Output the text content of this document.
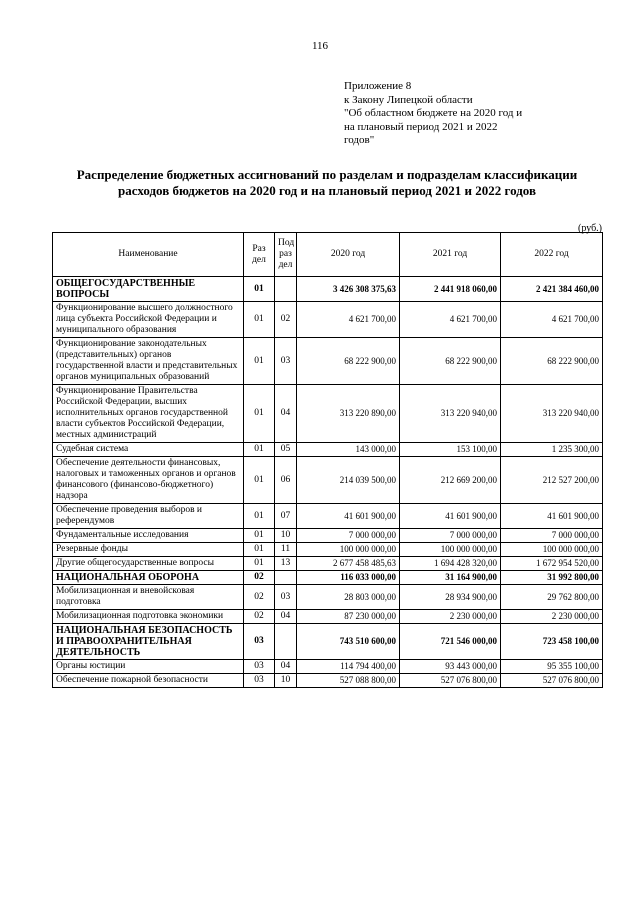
116
Приложение 8
к Закону Липецкой области
"Об областном бюджете на 2020 год и
на плановый период 2021 и 2022
годов"
Распределение бюджетных ассигнований по разделам и подразделам классификации расходов бюджетов на 2020 год и на плановый период 2021 и 2022 годов
(руб.)
Наименование	Раз дел	Под раз дел	2020 год	2021 год	2022 год
ОБЩЕГОСУДАРСТВЕННЫЕ ВОПРОСЫ	01		3 426 308 375,63	2 441 918 060,00	2 421 384 460,00
Функционирование высшего должностного лица субъекта Российской Федерации и муниципального образования	01	02	4 621 700,00	4 621 700,00	4 621 700,00
Функционирование законодательных (представительных) органов государственной власти и представительных органов муниципальных образований	01	03	68 222 900,00	68 222 900,00	68 222 900,00
Функционирование Правительства Российской Федерации, высших исполнительных органов государственной власти субъектов Российской Федерации, местных администраций	01	04	313 220 890,00	313 220 940,00	313 220 940,00
Судебная система	01	05	143 000,00	153 100,00	1 235 300,00
Обеспечение деятельности финансовых, налоговых и таможенных органов и органов финансового (финансово-бюджетного) надзора	01	06	214 039 500,00	212 669 200,00	212 527 200,00
Обеспечение проведения выборов и референдумов	01	07	41 601 900,00	41 601 900,00	41 601 900,00
Фундаментальные исследования	01	10	7 000 000,00	7 000 000,00	7 000 000,00
Резервные фонды	01	11	100 000 000,00	100 000 000,00	100 000 000,00
Другие общегосударственные вопросы	01	13	2 677 458 485,63	1 694 428 320,00	1 672 954 520,00
НАЦИОНАЛЬНАЯ ОБОРОНА	02		116 033 000,00	31 164 900,00	31 992 800,00
Мобилизационная и вневойсковая подготовка	02	03	28 803 000,00	28 934 900,00	29 762 800,00
Мобилизационная подготовка экономики	02	04	87 230 000,00	2 230 000,00	2 230 000,00
НАЦИОНАЛЬНАЯ БЕЗОПАСНОСТЬ И ПРАВООХРАНИТЕЛЬНАЯ ДЕЯТЕЛЬНОСТЬ	03		743 510 600,00	721 546 000,00	723 458 100,00
Органы юстиции	03	04	114 794 400,00	93 443 000,00	95 355 100,00
Обеспечение пожарной безопасности	03	10	527 088 800,00	527 076 800,00	527 076 800,00
